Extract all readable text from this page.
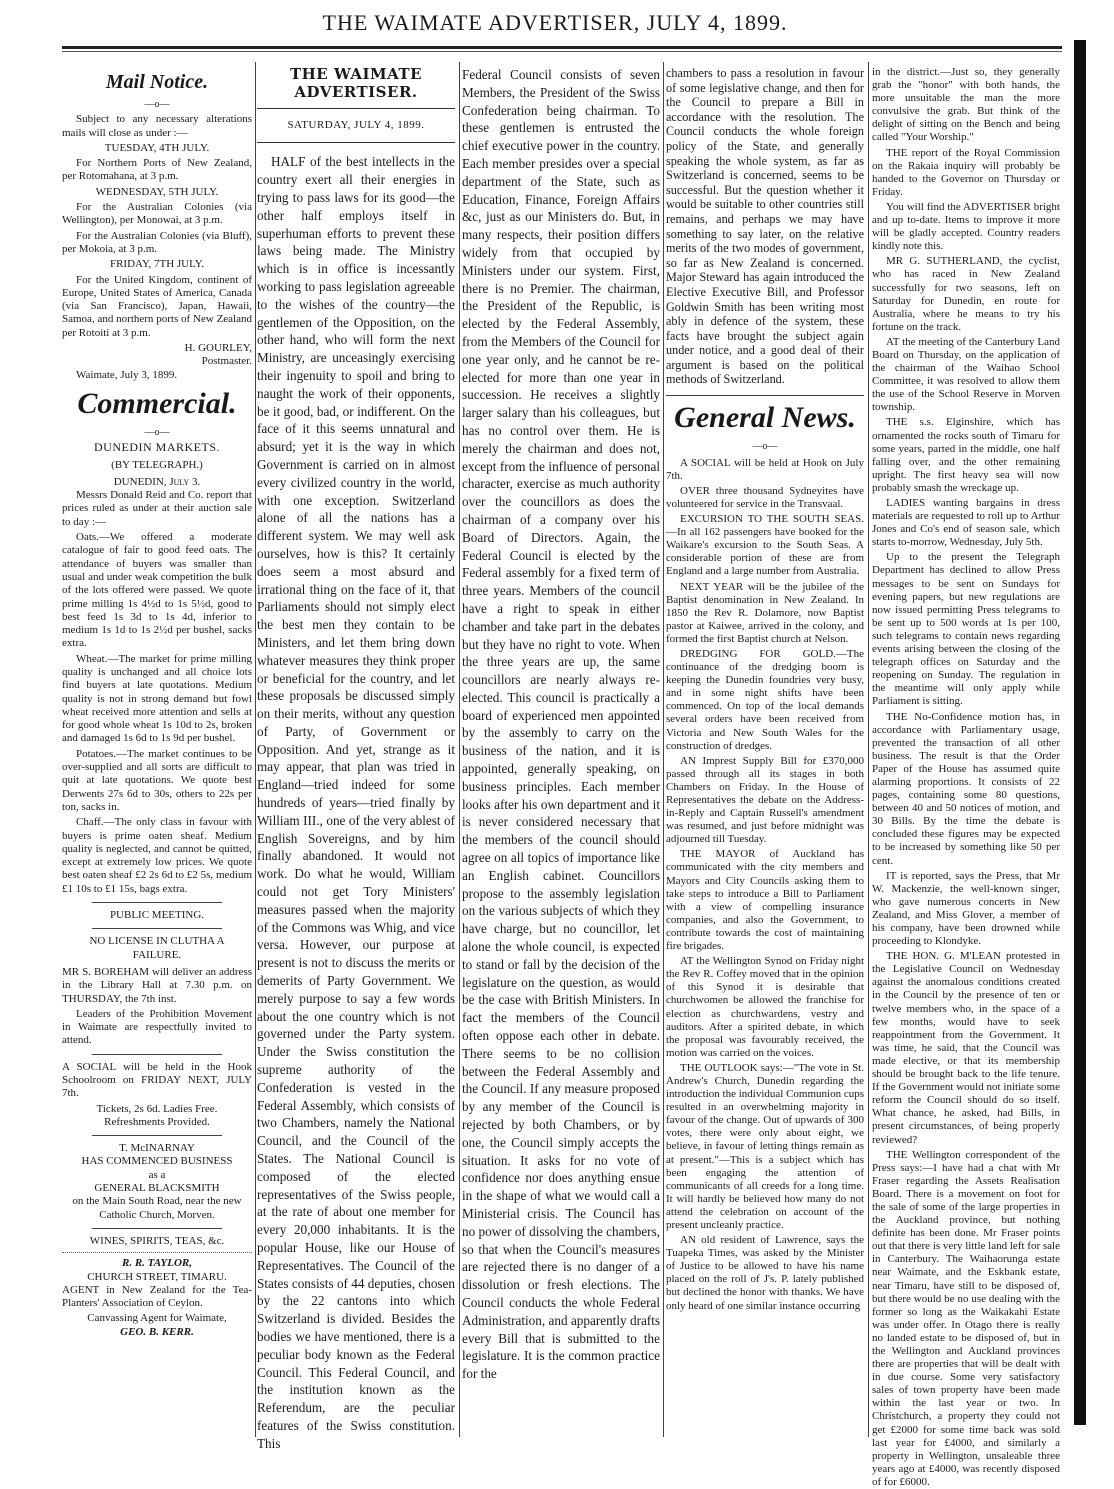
THE WAIMATE ADVERTISER, JULY 4, 1899.
Mail Notice.
—o—

Subject to any necessary alterations mails will close as under :—

TUESDAY, 4TH JULY.

For Northern Ports of New Zealand, per Rotomahana, at 3 p.m.

WEDNESDAY, 5TH JULY.

For the Australian Colonies (via Wellington), per Monowai, at 3 p.m.

For the Australian Colonies (via Bluff), per Mokoia, at 3 p.m.

FRIDAY, 7TH JULY.

For the United Kingdom, continent of Europe, United States of America, Canada (via San Francisco), Japan, Hawaii, Samoa, and northern ports of New Zealand per Rotoiti at 3 p.m.

H. GOURLEY,
Postmaster.

Waimate, July 3, 1899.

Commercial.
—o—
DUNEDIN MARKETS.
(BY TELEGRAPH.)
DUNEDIN, July 3.

Messrs Donald Reid and Co. report that prices ruled as under at their auction sale to day :—

Oats.—We offered a moderate catalogue of fair to good feed oats. The attendance of buyers was smaller than usual and under weak competition the bulk of the lots offered were passed. We quote prime milling 1s 4½d to 1s 5½d, good to best feed 1s 3d to 1s 4d, inferior to medium 1s 1d to 1s 2½d per bushel, sacks extra.

Wheat.—The market for prime milling quality is unchanged and all choice lots find buyers at late quotations. Medium quality is not in strong demand but fowl wheat received more attention and sells at for good whole wheat 1s 10d to 2s, broken and damaged 1s 6d to 1s 9d per bushel.

Potatoes.—The market continues to be over-supplied and all sorts are difficult to quit at late quotations. We quote best Derwents 27s 6d to 30s, others to 22s per ton, sacks in.

Chaff.—The only class in favour with buyers is prime oaten sheaf. Medium quality is neglected, and cannot be quitted, except at extremely low prices. We quote best oaten sheaf £2 2s 6d to £2 5s, medium £1 10s to £1 15s, bags extra.

PUBLIC MEETING.
NO LICENSE IN CLUTHA A FAILURE.

MR S. BOREHAM will deliver an address in the Library Hall at 7.30 p.m. on THURSDAY, the 7th inst.

Leaders of the Prohibition Movement in Waimate are respectfully invited to attend.

A SOCIAL will be held in the Hook Schoolroom on FRIDAY NEXT, JULY 7th.

Tickets, 2s 6d. Ladies Free.
Refreshments Provided.
T. McINARNAY
HAS COMMENCED BUSINESS
as a
GENERAL BLACKSMITH
on the Main South Road, near the new Catholic Church, Morven.
WINES, SPIRITS, TEAS, &c.
R. R. TAYLOR,
CHURCH STREET, TIMARU.

AGENT in New Zealand for the Tea-Planters' Association of Ceylon.

Canvassing Agent for Waimate,
GEO. B. KERR.
THE WAIMATE ADVERTISER.
SATURDAY, JULY 4, 1899.

HALF of the best intellects in the country exert all their energies in trying to pass laws for its good—the other half employs itself in superhuman efforts to prevent these laws being made. The Ministry which is in office is incessantly working to pass legislation agreeable to the wishes of the country—the gentlemen of the Opposition, on the other hand, who will form the next Ministry, are unceasingly exercising their ingenuity to spoil and bring to naught the work of their opponents, be it good, bad, or indifferent. On the face of it this seems unnatural and absurd; yet it is the way in which Government is carried on in almost every civilized country in the world, with one exception. Switzerland alone of all the nations has a different system. We may well ask ourselves, how is this? It certainly does seem a most absurd and irrational thing on the face of it, that Parliaments should not simply elect the best men they contain to be Ministers, and let them bring down whatever measures they think proper or beneficial for the country, and let these proposals be discussed simply on their merits, without any question of Party, of Government or Opposition. And yet, strange as it may appear, that plan was tried in England—tried indeed for some hundreds of years—tried finally by William III., one of the very ablest of English Sovereigns, and by him finally abandoned. It would not work. Do what he would, William could not get Tory Ministers' measures passed when the majority of the Commons was Whig, and vice versa. However, our purpose at present is not to discuss the merits or demerits of Party Government. We merely purpose to say a few words about the one country which is not governed under the Party system. Under the Swiss constitution the supreme authority of the Confederation is vested in the Federal Assembly, which consists of two Chambers, namely the National Council, and the Council of the States. The National Council is composed of the elected representatives of the Swiss people, at the rate of about one member for every 20,000 inhabitants. It is the popular House, like our House of Representatives. The Council of the States consists of 44 deputies, chosen by the 22 cantons into which Switzerland is divided. Besides the bodies we have mentioned, there is a peculiar body known as the Federal Council. This Federal Council, and the institution known as the Referendum, are the peculiar features of the Swiss constitution. This

Federal Council consists of seven Members, the President of the Swiss Confederation being chairman. To these gentlemen is entrusted the chief executive power in the country. Each member presides over a special department of the State, such as Education, Finance, Foreign Affairs &c, just as our Ministers do. But, in many respects, their position differs widely from that occupied by Ministers under our system. First, there is no Premier. The chairman, the President of the Republic, is elected by the Federal Assembly, from the Members of the Council for one year only, and he cannot be re-elected for more than one year in succession. He receives a slightly larger salary than his colleagues, but has no control over them. He is merely the chairman and does not, except from the influence of personal character, exercise as much authority over the councillors as does the chairman of a company over his Board of Directors. Again, the Federal Council is elected by the Federal assembly for a fixed term of three years. Members of the council have a right to speak in either chamber and take part in the debates but they have no right to vote. When the three years are up, the same councillors are nearly always re-elected. This council is practically a board of experienced men appointed by the assembly to carry on the business of the nation, and it is appointed, generally speaking, on business principles. Each member looks after his own department and it is never considered necessary that the members of the council should agree on all topics of importance like an English cabinet. Councillors propose to the assembly legislation on the various subjects of which they have charge, but no councillor, let alone the whole council, is expected to stand or fall by the decision of the legislature on the question, as would be the case with British Ministers. In fact the members of the Council often oppose each other in debate. There seems to be no collision between the Federal Assembly and the Council. If any measure proposed by any member of the Council is rejected by both Chambers, or by one, the Council simply accepts the situation. It asks for no vote of confidence nor does anything ensue in the shape of what we would call a Ministerial crisis. The Council has no power of dissolving the chambers, so that when the Council's measures are rejected there is no danger of a dissolution or fresh elections. The Council conducts the whole Federal Administration, and apparently drafts every Bill that is submitted to the legislature. It is the common practice for the

chambers to pass a resolution in favour of some legislative change, and then for the Council to prepare a Bill in accordance with the resolution. The Council conducts the whole foreign policy of the State, and generally speaking the whole system, as far as Switzerland is concerned, seems to be successful. But the question whether it would be suitable to other countries still remains, and perhaps we may have something to say later, on the relative merits of the two modes of government, so far as New Zealand is concerned. Major Steward has again introduced the Elective Executive Bill, and Professor Goldwin Smith has been writing most ably in defence of the system, these facts have brought the subject again under notice, and a good deal of their argument is based on the political methods of Switzerland.

General News.
—o—

A SOCIAL will be held at Hook on July 7th.

OVER three thousand Sydneyites have volunteered for service in the Transvaal.

EXCURSION TO THE SOUTH SEAS.—In all 162 passengers have booked for the Waikare's excursion to the South Seas. A considerable portion of these are from England and a large number from Australia.

NEXT YEAR will be the jubilee of the Baptist denomination in New Zealand. In 1850 the Rev R. Dolamore, now Baptist pastor at Kaiwee, arrived in the colony, and formed the first Baptist church at Nelson.

DREDGING FOR GOLD.—The continuance of the dredging boom is keeping the Dunedin foundries very busy, and in some night shifts have been commenced. On top of the local demands several orders have been received from Victoria and New South Wales for the construction of dredges.

AN Imprest Supply Bill for £370,000 passed through all its stages in both Chambers on Friday. In the House of Representatives the debate on the Address-in-Reply and Captain Russell's amendment was resumed, and just before midnight was adjourned till Tuesday.

THE MAYOR of Auckland has communicated with the city members and Mayors and City Councils asking them to take steps to introduce a Bill to Parliament with a view of compelling insurance companies, and also the Government, to contribute towards the cost of maintaining fire brigades.

AT the Wellington Synod on Friday night the Rev R. Coffey moved that in the opinion of this Synod it is desirable that churchwomen be allowed the franchise for election as churchwardens, vestry and auditors. After a spirited debate, in which the proposal was favourably received, the motion was carried on the voices.

THE OUTLOOK says:—"The vote in St. Andrew's Church, Dunedin regarding the introduction the individual Communion cups resulted in an overwhelming majority in favour of the change. Out of upwards of 300 votes, there were only about eight, we believe, in favour of letting things remain as at present."—This is a subject which has been engaging the attention of communicants of all creeds for a long time. It will hardly be believed how many do not attend the celebration on account of the present uncleanly practice.

AN old resident of Lawrence, says the Tuapeka Times, was asked by the Minister of Justice to be allowed to have his name placed on the roll of J's. P. lately published but declined the honor with thanks. We have only heard of one similar instance occurring

in the district.—Just so, they generally grab the "honor" with both hands, the more unsuitable the man the more convulsive the grab. But think of the delight of sitting on the Bench and being called "Your Worship."

THE report of the Royal Commission on the Rakaia inquiry will probably be handed to the Governor on Thursday or Friday.

You will find the ADVERTISER bright and up to-date. Items to improve it more will be gladly accepted. Country readers kindly note this.

MR G. SUTHERLAND, the cyclist, who has raced in New Zealand successfully for two seasons, left on Saturday for Dunedin, en route for Australia, where he means to try his fortune on the track.

AT the meeting of the Canterbury Land Board on Thursday, on the application of the chairman of the Waihao School Committee, it was resolved to allow them the use of the School Reserve in Morven township.

THE s.s. Elginshire, which has ornamented the rocks south of Timaru for some years, parted in the middle, one half falling over, and the other remaining upright. The first heavy sea will now probably smash the wreckage up.

LADIES wanting bargains in dress materials are requested to roll up to Arthur Jones and Co's end of season sale, which starts to-morrow, Wednesday, July 5th.

Up to the present the Telegraph Department has declined to allow Press messages to be sent on Sundays for evening papers, but new regulations are now issued permitting Press telegrams to be sent up to 500 words at 1s per 100, such telegrams to contain news regarding events arising between the closing of the telegraph offices on Saturday and the reopening on Sunday. The regulation in the meantime will only apply while Parliament is sitting.

THE No-Confidence motion has, in accordance with Parliamentary usage, prevented the transaction of all other business. The result is that the Order Paper of the House has assumed quite alarming proportions. It consists of 22 pages, containing some 80 questions, between 40 and 50 notices of motion, and 30 Bills. By the time the debate is concluded these figures may be expected to be increased by something like 50 per cent.

IT is reported, says the Press, that Mr W. Mackenzie, the well-known singer, who gave numerous concerts in New Zealand, and Miss Glover, a member of his company, have been drowned while proceeding to Klondyke.

THE HON. G. M'LEAN protested in the Legislative Council on Wednesday against the anomalous conditions created in the Council by the presence of ten or twelve members who, in the space of a few months, would have to seek reappointment from the Government. It was time, he said, that the Council was made elective, or that its membership should be brought back to the life tenure. If the Government would not initiate some reform the Council should do so itself. What chance, he asked, had Bills, in present circumstances, of being properly reviewed?

THE Wellington correspondent of the Press says:—I have had a chat with Mr Fraser regarding the Assets Realisation Board. There is a movement on foot for the sale of some of the large properties in the Auckland province, but nothing definite has been done. Mr Fraser points out that there is very little land left for sale in Canterbury. The Waihaorunga estate near Waimate, and the Eskbank estate, near Timaru, have still to be disposed of, but there would be no use dealing with the former so long as the Waikakahi Estate was under offer. In Otago there is really no landed estate to be disposed of, but in the Wellington and Auckland provinces there are properties that will be dealt with in due course. Some very satisfactory sales of town property have been made within the last year or two. In Christchurch, a property they could not get £2000 for some time back was sold last year for £4000, and similarly a property in Wellington, unsaleable three years ago at £4000, was recently disposed of for £6000.
